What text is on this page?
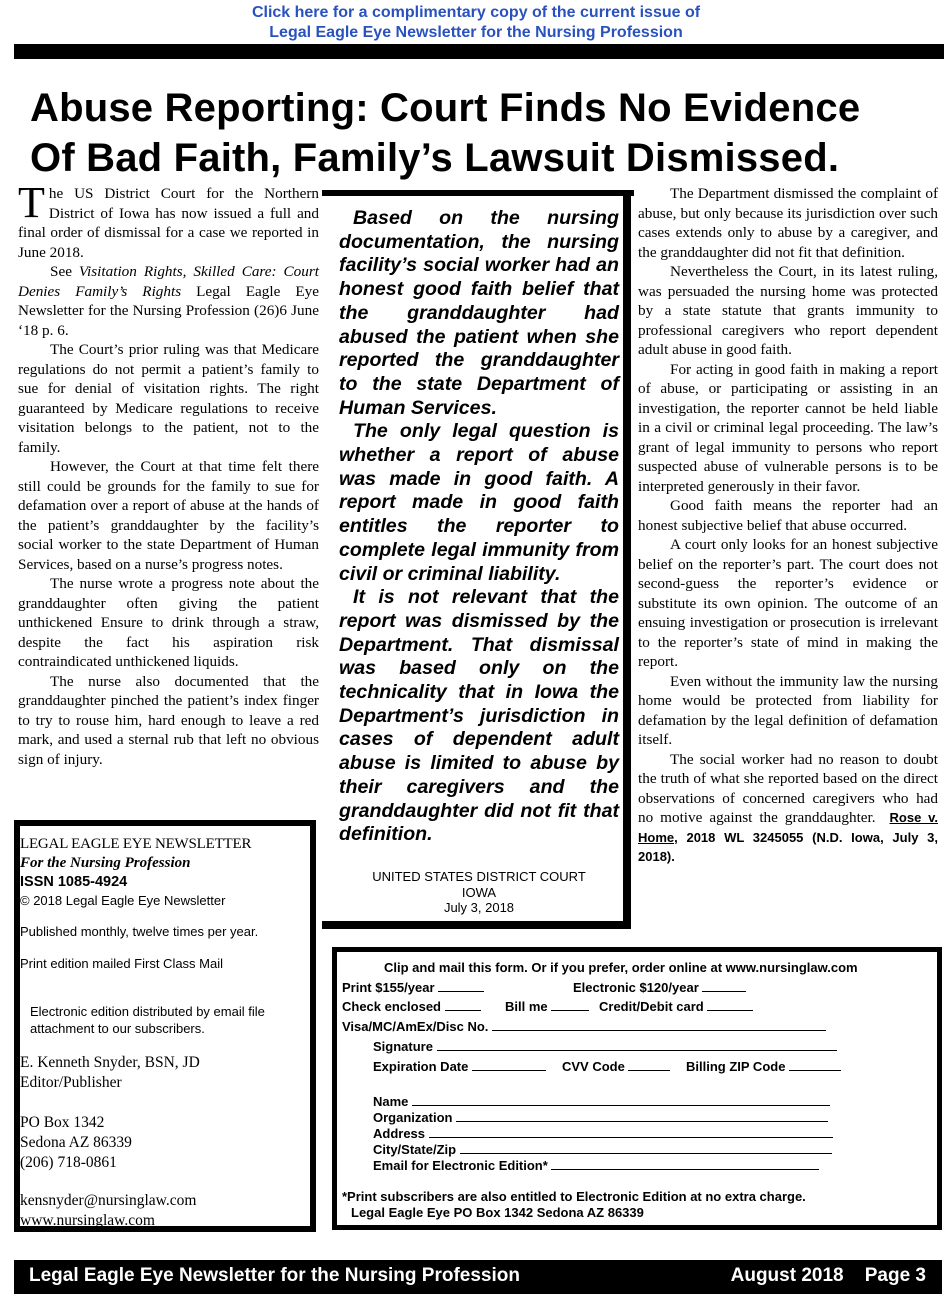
Click here for a complimentary copy of the current issue of
Legal Eagle Eye Newsletter for the Nursing Profession
Abuse Reporting: Court Finds No Evidence
Of Bad Faith, Family’s Lawsuit Dismissed.

The US District Court for the Northern District of Iowa has now issued a full and final order of dismissal for a case we reported in June 2018.

See Visitation Rights, Skilled Care: Court Denies Family’s Rights Legal Eagle Eye Newsletter for the Nursing Profession (26)6 June ‘18 p. 6.

The Court’s prior ruling was that Medicare regulations do not permit a patient’s family to sue for denial of visitation rights. The right guaranteed by Medicare regulations to receive visitation belongs to the patient, not to the family.

However, the Court at that time felt there still could be grounds for the family to sue for defamation over a report of abuse at the hands of the patient’s granddaughter by the facility’s social worker to the state Department of Human Services, based on a nurse’s progress notes.

The nurse wrote a progress note about the granddaughter often giving the patient unthickened Ensure to drink through a straw, despite the fact his aspiration risk contraindicated unthickened liquids.

The nurse also documented that the granddaughter pinched the patient’s index finger to try to rouse him, hard enough to leave a red mark, and used a sternal rub that left no obvious sign of injury.

Based on the nursing documentation, the nursing facility’s social worker had an honest good faith belief that the granddaughter had abused the patient when she reported the granddaughter to the state Department of Human Services.

The only legal question is whether a report of abuse was made in good faith. A report made in good faith entitles the reporter to complete legal immunity from civil or criminal liability.

It is not relevant that the report was dismissed by the Department. That dismissal was based only on the technicality that in Iowa the Department’s jurisdiction in cases of dependent adult abuse is limited to abuse by their caregivers and the granddaughter did not fit that definition.

UNITED STATES DISTRICT COURT
IOWA
July 3, 2018

The Department dismissed the complaint of abuse, but only because its jurisdiction over such cases extends only to abuse by a caregiver, and the granddaughter did not fit that definition.

Nevertheless the Court, in its latest ruling, was persuaded the nursing home was protected by a state statute that grants immunity to professional caregivers who report dependent adult abuse in good faith.

For acting in good faith in making a report of abuse, or participating or assisting in an investigation, the reporter cannot be held liable in a civil or criminal legal proceeding. The law’s grant of legal immunity to persons who report suspected abuse of vulnerable persons is to be interpreted generously in their favor.

Good faith means the reporter had an honest subjective belief that abuse occurred.

A court only looks for an honest subjective belief on the reporter’s part. The court does not second-guess the reporter’s evidence or substitute its own opinion. The outcome of an ensuing investigation or prosecution is irrelevant to the reporter’s state of mind in making the report.

Even without the immunity law the nursing home would be protected from liability for defamation by the legal definition of defamation itself.

The social worker had no reason to doubt the truth of what she reported based on the direct observations of concerned caregivers who had no motive against the granddaughter. Rose v. Home, 2018 WL 3245055 (N.D. Iowa, July 3, 2018).

LEGAL EAGLE EYE NEWSLETTER
For the Nursing Profession
ISSN 1085-4924
© 2018 Legal Eagle Eye Newsletter
Published monthly, twelve times per year.
Print edition mailed First Class Mail
Electronic edition distributed by email file attachment to our subscribers.
E. Kenneth Snyder, BSN, JD
Editor/Publisher
PO Box 1342
Sedona AZ 86339
(206) 718-0861
kensnyder@nursinglaw.com
www.nursinglaw.com
Clip and mail this form. Or if you prefer, order online at www.nursinglaw.com
Print $155/year	Electronic $120/year
Check enclosed	Bill me	Credit/Debit card
Visa/MC/AmEx/Disc No.
Signature
Expiration Date	CVV Code	Billing ZIP Code
Name
Organization
Address
City/State/Zip
Email for Electronic Edition*
*Print subscribers are also entitled to Electronic Edition at no extra charge.
Legal Eagle Eye PO Box 1342 Sedona AZ 86339
Legal Eagle Eye Newsletter for the Nursing Profession	August 2018 Page 3
